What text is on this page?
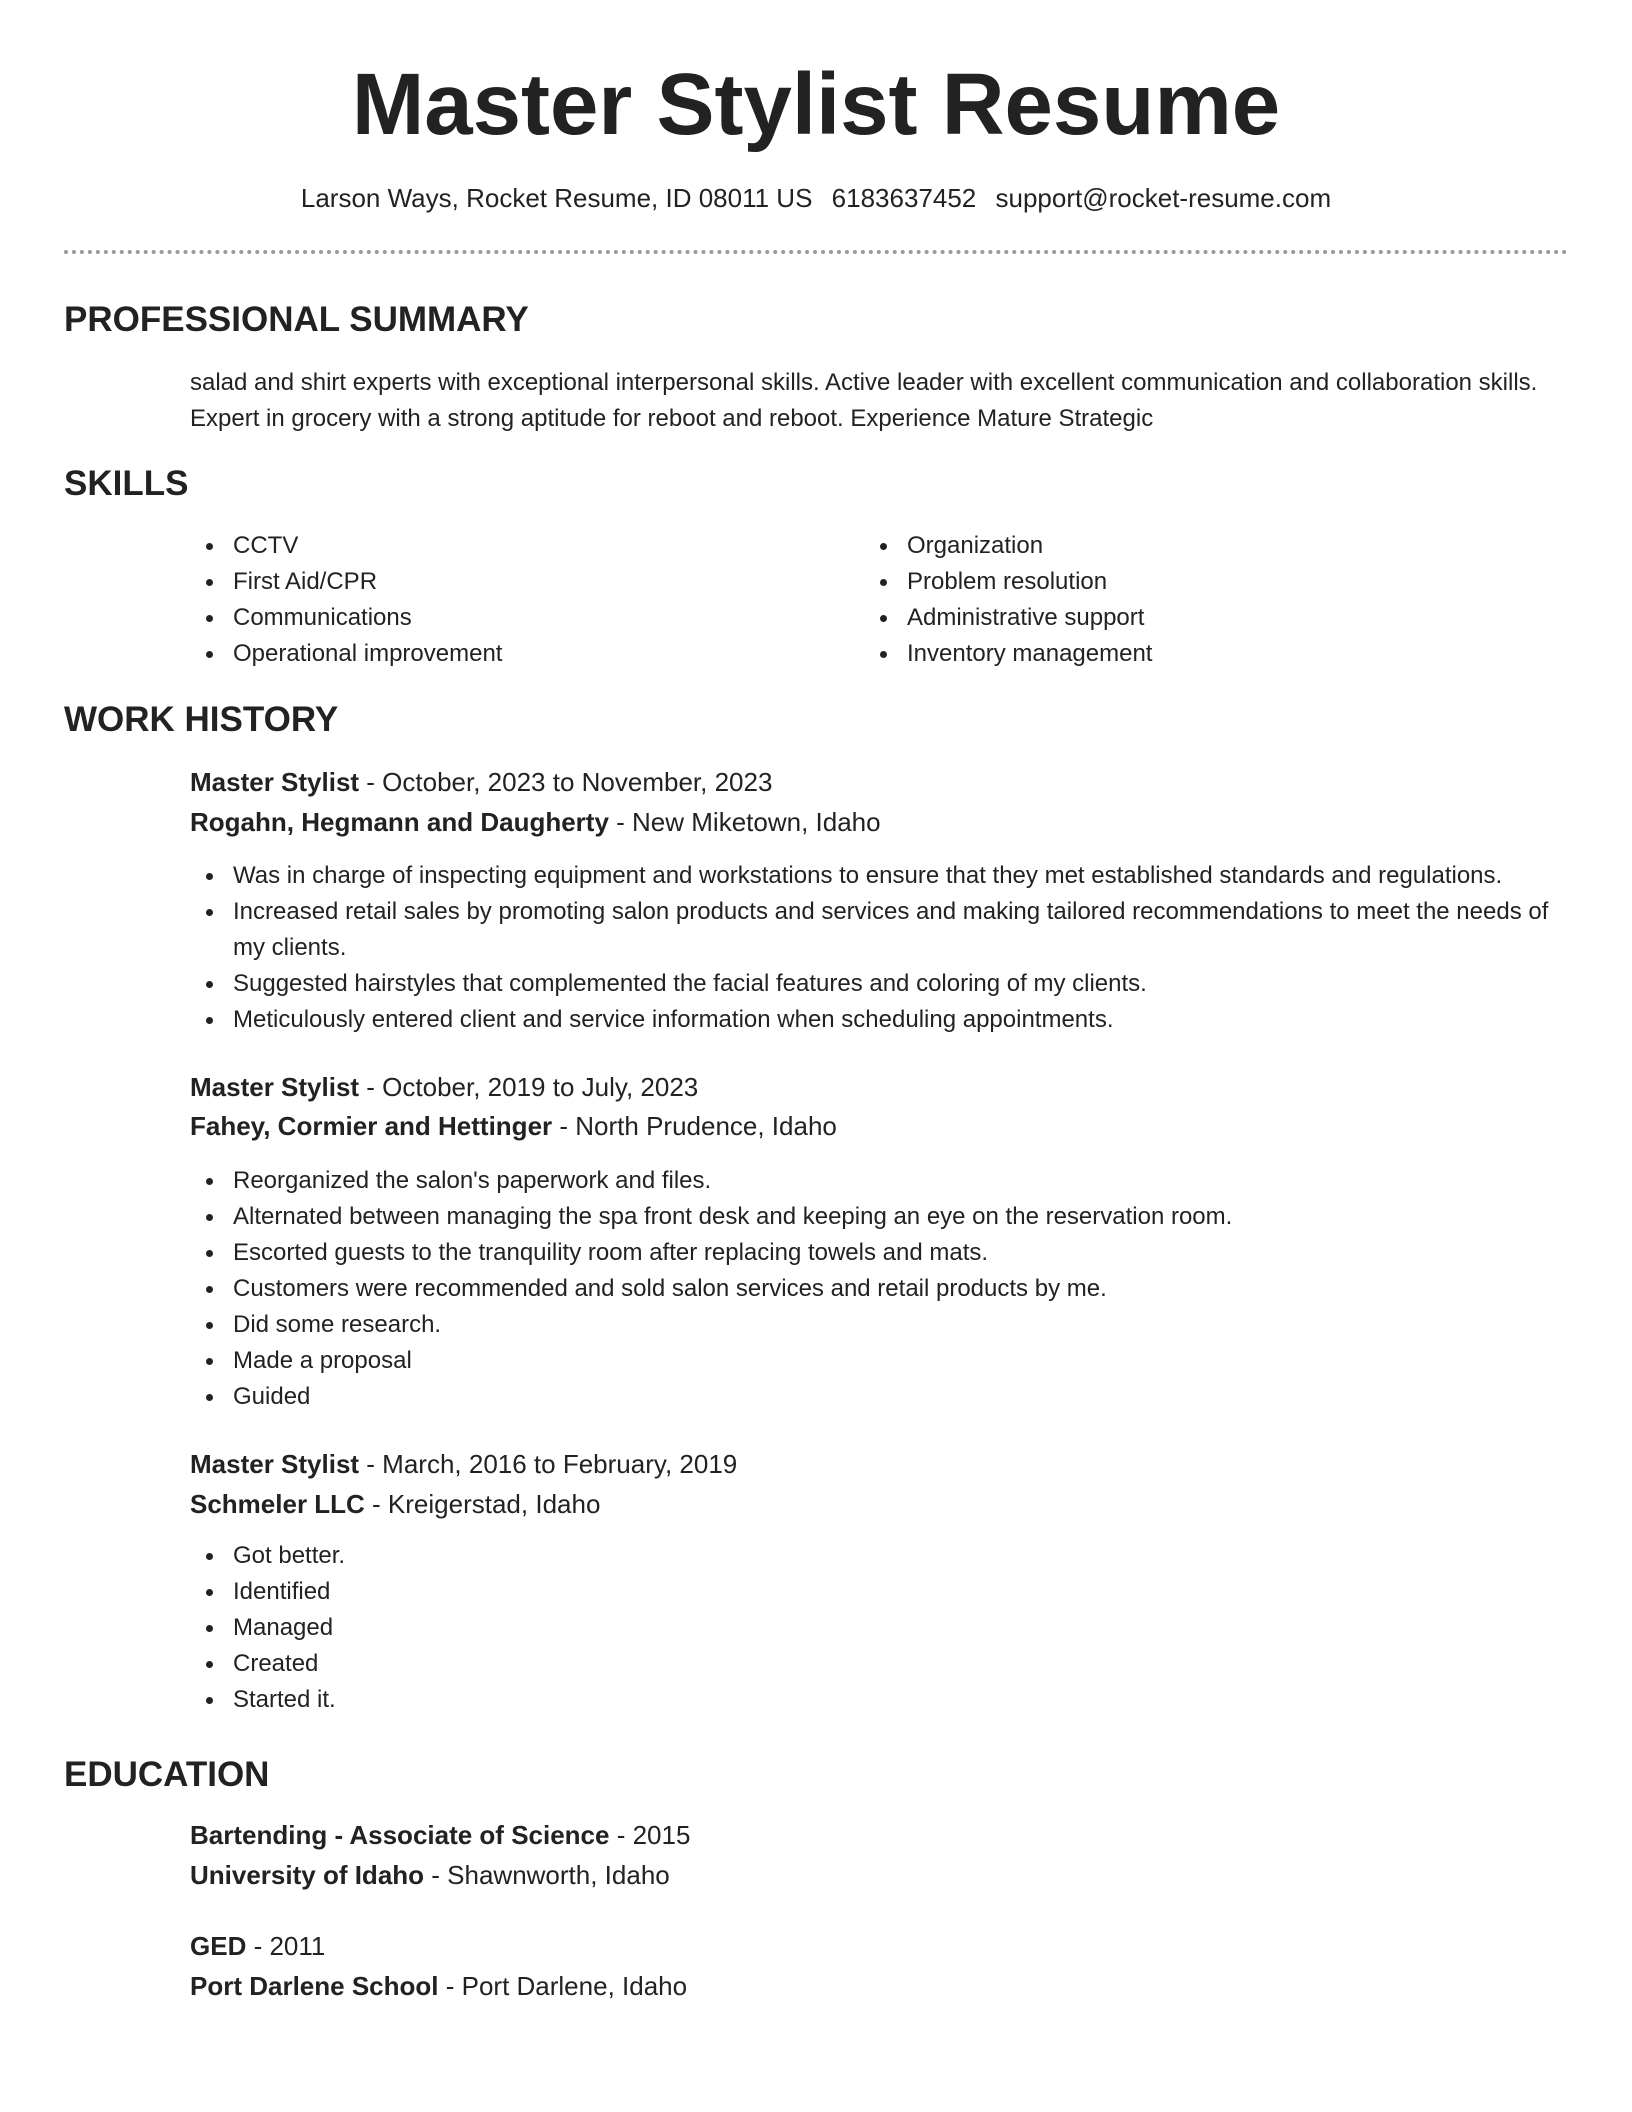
Master Stylist Resume
Larson Ways, Rocket Resume, ID 08011 US 6183637452 support@rocket-resume.com
PROFESSIONAL SUMMARY

salad and shirt experts with exceptional interpersonal skills. Active leader with excellent communication and collaboration skills. Expert in grocery with a strong aptitude for reboot and reboot. Experience Mature Strategic

SKILLS
CCTV
First Aid/CPR
Communications
Operational improvement
Organization
Problem resolution
Administrative support
Inventory management
WORK HISTORY
Master Stylist - October, 2023 to November, 2023
Rogahn, Hegmann and Daugherty - New Miketown, Idaho
Was in charge of inspecting equipment and workstations to ensure that they met established standards and regulations.
Increased retail sales by promoting salon products and services and making tailored recommendations to meet the needs of my clients.
Suggested hairstyles that complemented the facial features and coloring of my clients.
Meticulously entered client and service information when scheduling appointments.
Master Stylist - October, 2019 to July, 2023
Fahey, Cormier and Hettinger - North Prudence, Idaho
Reorganized the salon's paperwork and files.
Alternated between managing the spa front desk and keeping an eye on the reservation room.
Escorted guests to the tranquility room after replacing towels and mats.
Customers were recommended and sold salon services and retail products by me.
Did some research.
Made a proposal
Guided
Master Stylist - March, 2016 to February, 2019
Schmeler LLC - Kreigerstad, Idaho
Got better.
Identified
Managed
Created
Started it.
EDUCATION
Bartending - Associate of Science - 2015
University of Idaho - Shawnworth, Idaho
GED - 2011
Port Darlene School - Port Darlene, Idaho
